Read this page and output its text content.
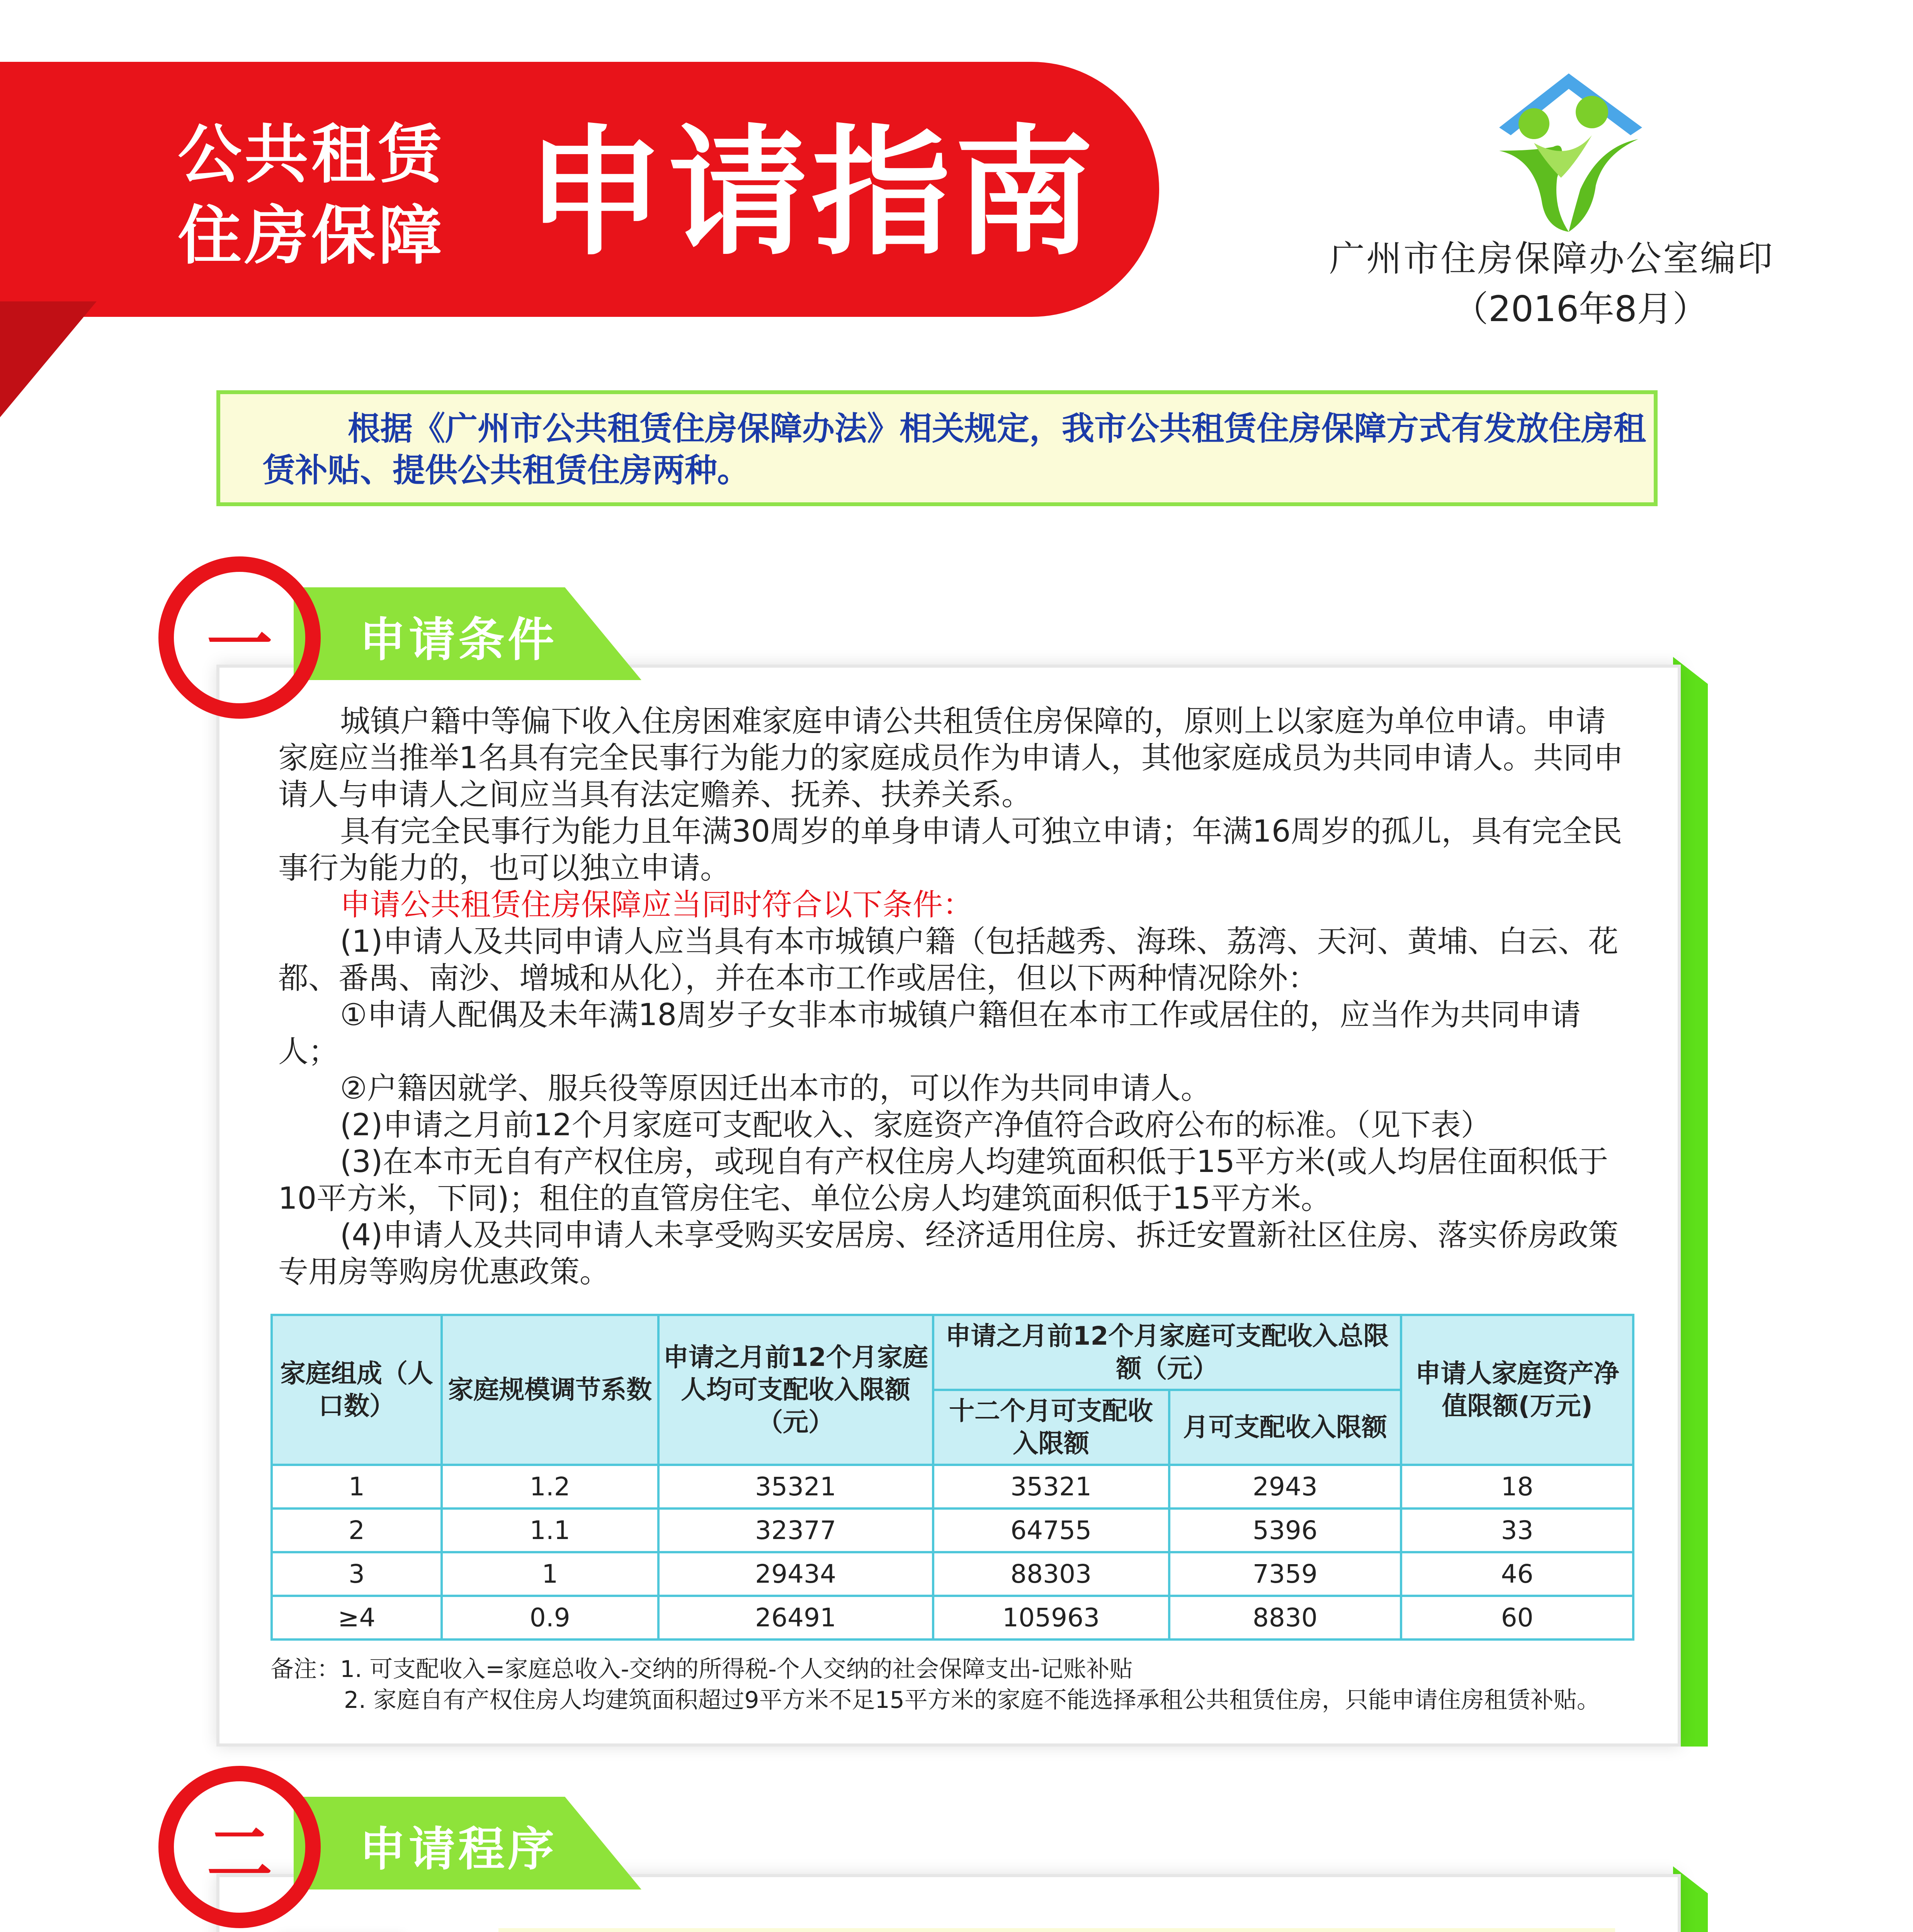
公共租赁
住房保障 申请指南	广州市住房保障办公室编印
（2016年8月）
根据《广州市公共租赁住房保障办法》相关规定，我市公共租赁住房保障方式有发放住房租赁补贴、提供公共租赁住房两种。
申请条件
一
城镇户籍中等偏下收入住房困难家庭申请公共租赁住房保障的，原则上以家庭为单位申请。申请家庭应当推举1名具有完全民事行为能力的家庭成员作为申请人，其他家庭成员为共同申请人。共同申请人与申请人之间应当具有法定赡养、抚养、扶养关系。
具有完全民事行为能力且年满30周岁的单身申请人可独立申请；年满16周岁的孤儿，具有完全民事行为能力的，也可以独立申请。
申请公共租赁住房保障应当同时符合以下条件：
(1)申请人及共同申请人应当具有本市城镇户籍（包括越秀、海珠、荔湾、天河、黄埔、白云、花都、番禺、南沙、增城和从化），并在本市工作或居住，但以下两种情况除外：
①申请人配偶及未年满18周岁子女非本市城镇户籍但在本市工作或居住的，应当作为共同申请人；
②户籍因就学、服兵役等原因迁出本市的，可以作为共同申请人。
(2)申请之月前12个月家庭可支配收入、家庭资产净值符合政府公布的标准。（见下表）
(3)在本市无自有产权住房，或现自有产权住房人均建筑面积低于15平方米(或人均居住面积低于10平方米，下同)；租住的直管房住宅、单位公房人均建筑面积低于15平方米。
(4)申请人及共同申请人未享受购买安居房、经济适用住房、拆迁安置新社区住房、落实侨房政策专用房等购房优惠政策。
家庭组成（人口数）	家庭规模调节系数	申请之月前12个月家庭人均可支配收入限额（元）	申请之月前12个月家庭可支配收入总限额（元）		申请人家庭资产净值限额(万元)
			十二个月可支配收入限额	月可支配收入限额	
1	1.2	35321	35321	2943	18
2	1.1	32377	64755	5396	33
3	1	29434	88303	7359	46
≥4	0.9	26491	105963	8830	60
备注：1. 可支配收入=家庭总收入-交纳的所得税-个人交纳的社会保障支出-记账补贴
2. 家庭自有产权住房人均建筑面积超过9平方米不足15平方米的家庭不能选择承租公共租赁住房，只能申请住房租赁补贴。
申请程序
二
